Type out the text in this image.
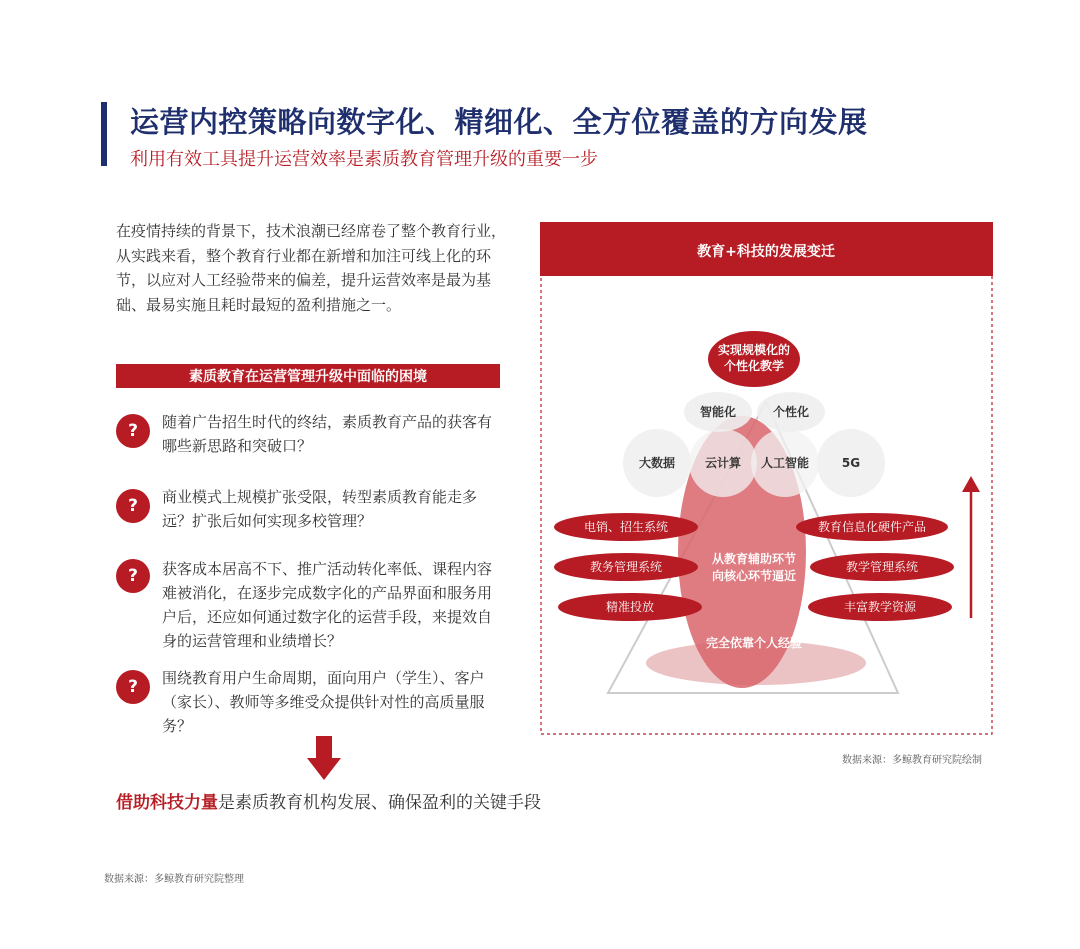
运营内控策略向数字化、精细化、全方位覆盖的方向发展
利用有效工具提升运营效率是素质教育管理升级的重要一步
在疫情持续的背景下，技术浪潮已经席卷了整个教育行业，从实践来看，整个教育行业都在新增和加注可线上化的环节，以应对人工经验带来的偏差，提升运营效率是最为基础、最易实施且耗时最短的盈利措施之一。
素质教育在运营管理升级中面临的困境
?	随着广告招生时代的终结，素质教育产品的获客有哪些新思路和突破口？
?	商业模式上规模扩张受限，转型素质教育能走多远？扩张后如何实现多校管理？
?	获客成本居高不下、推广活动转化率低、课程内容难被消化，在逐步完成数字化的产品界面和服务用户后，还应如何通过数字化的运营手段，来提效自身的运营管理和业绩增长？
?	围绕教育用户生命周期，面向用户（学生）、客户（家长）、教师等多维受众提供针对性的高质量服务？
借助科技力量是素质教育机构发展、确保盈利的关键手段
数据来源：多鲸教育研究院整理
教育+科技的发展变迁
实现规模化的
个性化教学
智能化	个性化
大数据 云计算 人工智能	5G
电销、招生系统
教务管理系统
精准投放
教育信息化硬件产品
教学管理系统
丰富教学资源
从教育辅助环节
向核心环节逼近
完全依靠个人经验
数据来源：多鲸教育研究院绘制
